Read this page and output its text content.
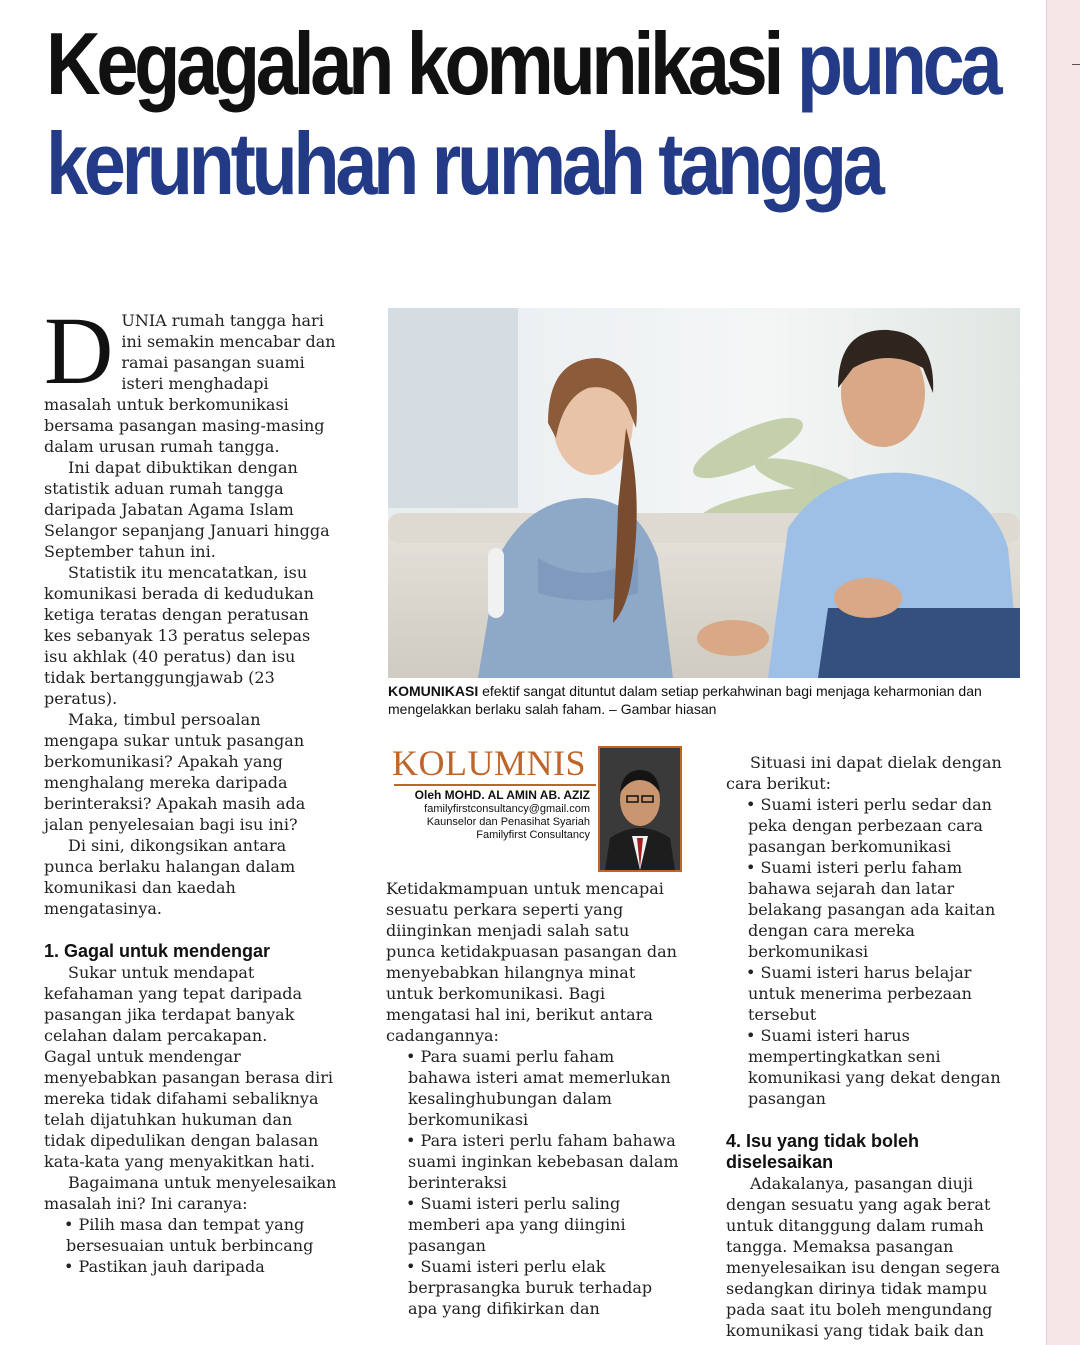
Kegagalan komunikasi punca
keruntuhan rumah tangga

DUNIA rumah tangga hari ini semakin mencabar dan ramai pasangan suami isteri menghadapi masalah untuk berkomunikasi bersama pasangan masing-masing dalam urusan rumah tangga.

Ini dapat dibuktikan dengan statistik aduan rumah tangga daripada Jabatan Agama Islam Selangor sepanjang Januari hingga September tahun ini.

Statistik itu mencatatkan, isu komunikasi berada di kedudukan ketiga teratas dengan peratusan kes sebanyak 13 peratus selepas isu akhlak (40 peratus) dan isu tidak bertanggungjawab (23 peratus).

Maka, timbul persoalan mengapa sukar untuk pasangan berkomunikasi? Apakah yang menghalang mereka daripada berinteraksi? Apakah masih ada jalan penyelesaian bagi isu ini?

Di sini, dikongsikan antara punca berlaku halangan dalam komunikasi dan kaedah mengatasinya.

1. Gagal untuk mendengar

Sukar untuk mendapat kefahaman yang tepat daripada pasangan jika terdapat banyak celahan dalam percakapan.

Gagal untuk mendengar menyebabkan pasangan berasa diri mereka tidak difahami sebaliknya telah dijatuhkan hukuman dan tidak dipedulikan dengan balasan kata-kata yang menyakitkan hati.

Bagaimana untuk menyelesaikan masalah ini? Ini caranya:

• Pilih masa dan tempat yang bersesuaian untuk berbincang

• Pastikan jauh daripada

KOMUNIKASI efektif sangat dituntut dalam setiap perkahwinan bagi menjaga keharmonian dan mengelakkan berlaku salah faham. – Gambar hiasan
KOLUMNIS
Oleh MOHD. AL AMIN AB. AZIZ
familyfirstconsultancy@gmail.com
Kaunselor dan Penasihat Syariah
Familyfirst Consultancy

Ketidakmampuan untuk mencapai sesuatu perkara seperti yang diinginkan menjadi salah satu punca ketidakpuasan pasangan dan menyebabkan hilangnya minat untuk berkomunikasi. Bagi mengatasi hal ini, berikut antara cadangannya:

• Para suami perlu faham bahawa isteri amat memerlukan kesalinghubungan dalam berkomunikasi

• Para isteri perlu faham bahawa suami inginkan kebebasan dalam berinteraksi

• Suami isteri perlu saling memberi apa yang diingini pasangan

• Suami isteri perlu elak berprasangka buruk terhadap apa yang difikirkan dan

Situasi ini dapat dielak dengan cara berikut:

• Suami isteri perlu sedar dan peka dengan perbezaan cara pasangan berkomunikasi

• Suami isteri perlu faham bahawa sejarah dan latar belakang pasangan ada kaitan dengan cara mereka berkomunikasi

• Suami isteri harus belajar untuk menerima perbezaan tersebut

• Suami isteri harus mempertingkatkan seni komunikasi yang dekat dengan pasangan

4. Isu yang tidak boleh diselesaikan

Adakalanya, pasangan diuji dengan sesuatu yang agak berat untuk ditanggung dalam rumah tangga. Memaksa pasangan menyelesaikan isu dengan segera sedangkan dirinya tidak mampu pada saat itu boleh mengundang komunikasi yang tidak baik dan
